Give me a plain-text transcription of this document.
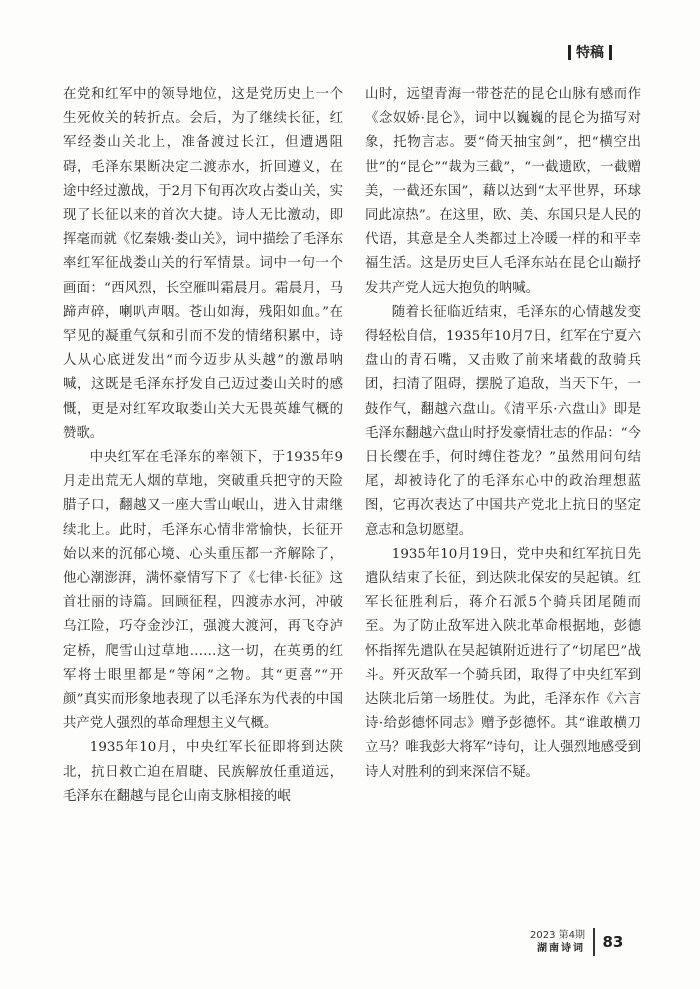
特稿

在党和红军中的领导地位，这是党历史上一个生死攸关的转折点。会后，为了继续长征，红军经娄山关北上，准备渡过长江，但遭遇阻碍，毛泽东果断决定二渡赤水，折回遵义，在途中经过激战，于2月下旬再次攻占娄山关，实现了长征以来的首次大捷。诗人无比激动，即挥毫而就《忆秦娥·娄山关》，词中描绘了毛泽东率红军征战娄山关的行军情景。词中一句一个画面：“西风烈，长空雁叫霜晨月。霜晨月，马蹄声碎，喇叭声咽。苍山如海，残阳如血。”在罕见的凝重气氛和引而不发的情绪积累中，诗人从心底迸发出“而今迈步从头越”的激昂呐喊，这既是毛泽东抒发自己迈过娄山关时的感慨，更是对红军攻取娄山关大无畏英雄气概的赞歌。

中央红军在毛泽东的率领下，于1935年9月走出荒无人烟的草地，突破重兵把守的天险腊子口，翻越又一座大雪山岷山，进入甘肃继续北上。此时，毛泽东心情非常愉快，长征开始以来的沉郁心境、心头重压都一齐解除了，他心潮澎湃，满怀豪情写下了《七律·长征》这首壮丽的诗篇。回顾征程，四渡赤水河，冲破乌江险，巧夺金沙江，强渡大渡河，再飞夺泸定桥，爬雪山过草地……这一切，在英勇的红军将士眼里都是“等闲”之物。其“更喜”“开颜”真实而形象地表现了以毛泽东为代表的中国共产党人强烈的革命理想主义气概。

1935年10月，中央红军长征即将到达陕北，抗日救亡迫在眉睫、民族解放任重道远，毛泽东在翻越与昆仑山南支脉相接的岷

山时，远望青海一带苍茫的昆仑山脉有感而作《念奴娇·昆仑》，词中以巍巍的昆仑为描写对象，托物言志。要“倚天抽宝剑”，把“横空出世”的“昆仑”“裁为三截”，“一截遗欧，一截赠美，一截还东国”，藉以达到“太平世界，环球同此凉热”。在这里，欧、美、东国只是人民的代语，其意是全人类都过上冷暖一样的和平幸福生活。这是历史巨人毛泽东站在昆仑山巅抒发共产党人远大抱负的呐喊。

随着长征临近结束，毛泽东的心情越发变得轻松自信，1935年10月7日，红军在宁夏六盘山的青石嘴，又击败了前来堵截的敌骑兵团，扫清了阻碍，摆脱了追敌，当天下午，一鼓作气，翻越六盘山。《清平乐·六盘山》即是毛泽东翻越六盘山时抒发豪情壮志的作品：“今日长缨在手，何时缚住苍龙？”虽然用问句结尾，却被诗化了的毛泽东心中的政治理想蓝图，它再次表达了中国共产党北上抗日的坚定意志和急切愿望。

1935年10月19日，党中央和红军抗日先遣队结束了长征，到达陕北保安的吴起镇。红军长征胜利后，蒋介石派5个骑兵团尾随而至。为了防止敌军进入陕北革命根据地，彭德怀指挥先遣队在吴起镇附近进行了“切尾巴”战斗。歼灭敌军一个骑兵团，取得了中央红军到达陕北后第一场胜仗。为此，毛泽东作《六言诗·给彭德怀同志》赠予彭德怀。其“谁敢横刀立马？唯我彭大将军”诗句，让人强烈地感受到诗人对胜利的到来深信不疑。

2023 第4期
湖南诗词 83
